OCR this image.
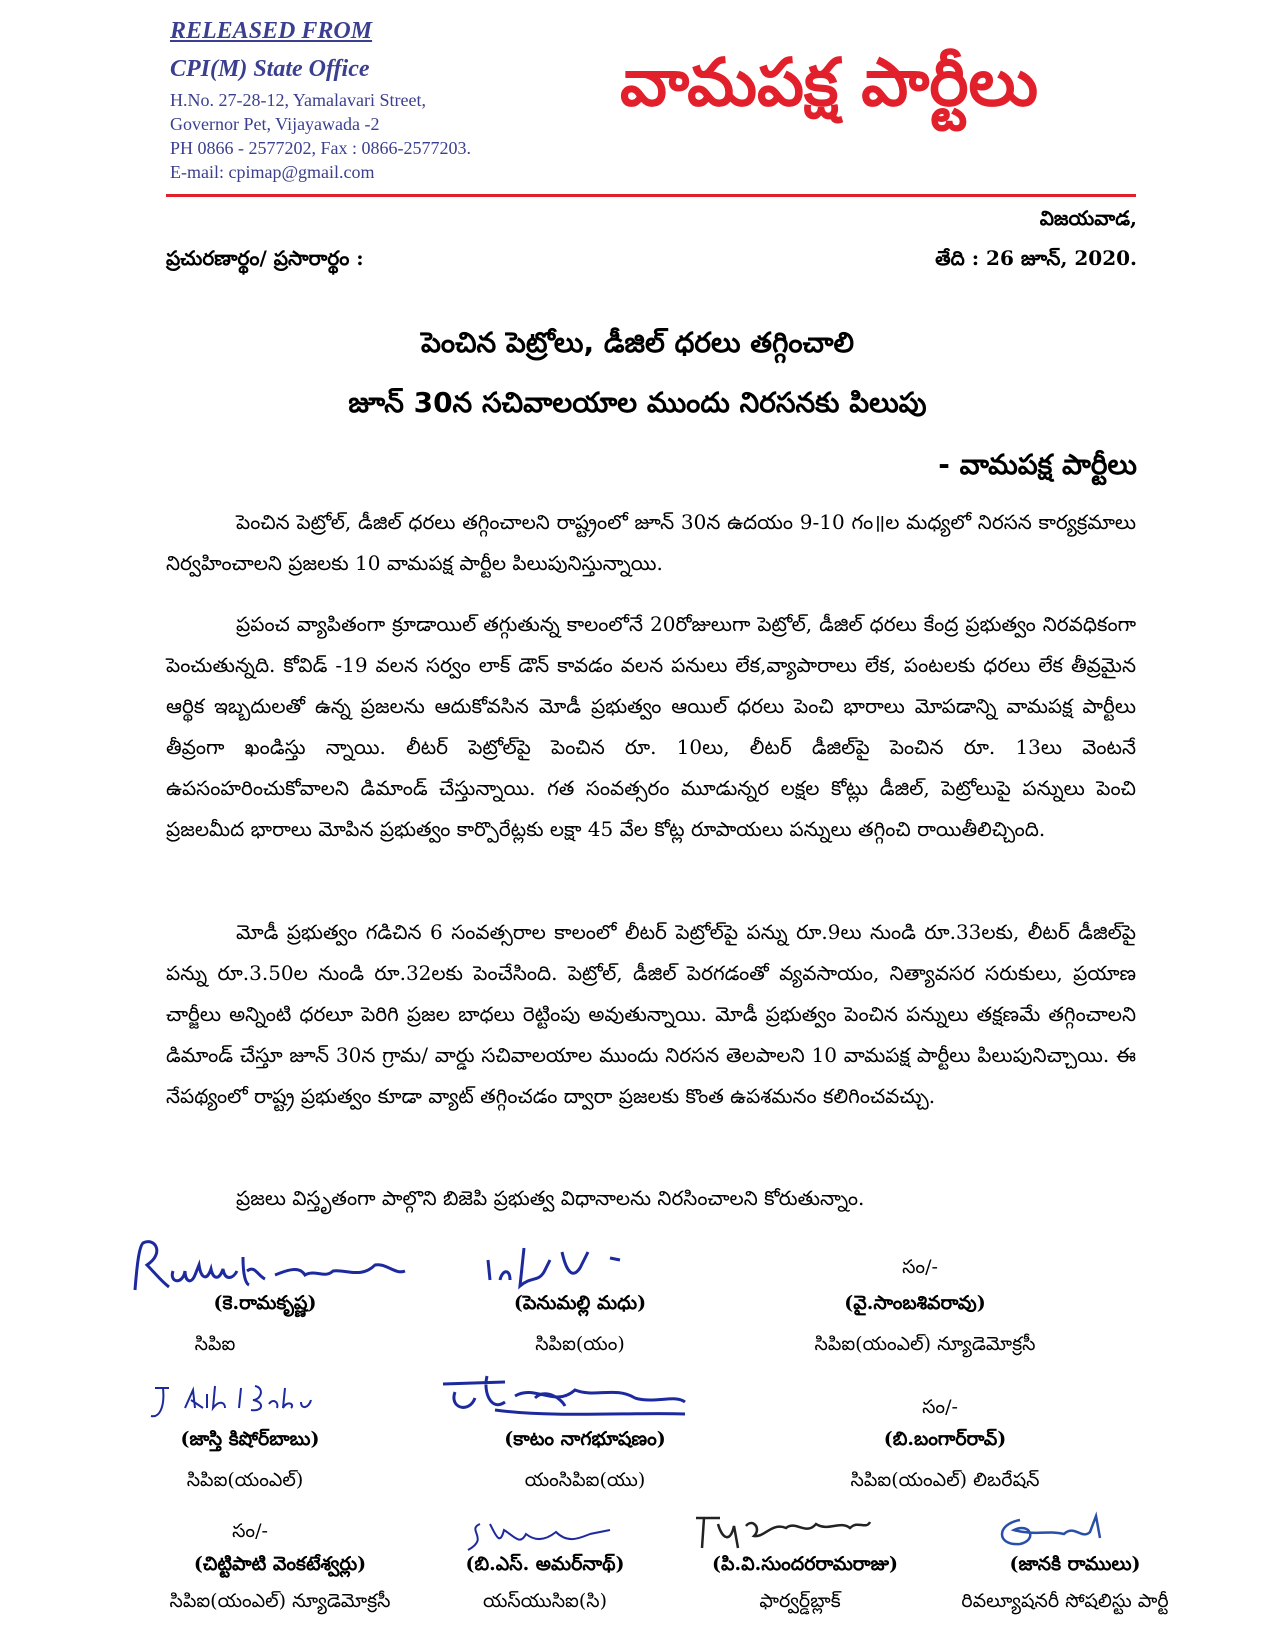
RELEASED FROM
CPI(M) State Office
H.No. 27-28-12, Yamalavari Street,
Governor Pet, Vijayawada -2
PH 0866 - 2577202, Fax : 0866-2577203.
E-mail: cpimap@gmail.com
వామపక్ష పార్టీలు
విజయవాడ,
ప్రచురణార్థం/ ప్రసారార్థం :	తేది : 26 జూన్‌, 2020.
పెంచిన పెట్రోలు, డీజిల్‌ ధరలు తగ్గించాలి
జూన్‌ 30న సచివాలయాల ముందు నిరసనకు పిలుపు
- వామపక్ష పార్టీలు
పెంచిన పెట్రోల్‌, డీజిల్‌ ధరలు తగ్గించాలని రాష్ట్రంలో జూన్‌ 30న ఉదయం 9-10 గం॥ల మధ్యలో నిరసన కార్యక్రమాలు నిర్వహించాలని ప్రజలకు 10 వామపక్ష పార్టీల పిలుపునిస్తున్నాయి.
ప్రపంచ వ్యాపితంగా క్రూడాయిల్‌ తగ్గుతున్న కాలంలోనే 20రోజులుగా పెట్రోల్‌, డీజిల్‌ ధరలు కేంద్ర ప్రభుత్వం నిరవధికంగా పెంచుతున్నది. కోవిడ్‌ -19 వలన సర్వం లాక్‌ డౌన్‌ కావడం వలన పనులు లేక,వ్యాపారాలు లేక, పంటలకు ధరలు లేక తీవ్రమైన ఆర్థిక ఇబ్బదులతో ఉన్న ప్రజలను ఆదుకోవసిన మోడీ ప్రభుత్వం ఆయిల్‌ ధరలు పెంచి భారాలు మోపడాన్ని వామపక్ష పార్టీలు తీవ్రంగా ఖండిస్తు న్నాయి. లీటర్‌ పెట్రోల్‌పై పెంచిన రూ. 10లు, లీటర్‌ డీజిల్‌పై పెంచిన రూ. 13లు వెంటనే ఉపసంహరించుకోవాలని డిమాండ్‌ చేస్తున్నాయి. గత సంవత్సరం మూడున్నర లక్షల కోట్లు డీజిల్‌, పెట్రోలుపై పన్నులు పెంచి ప్రజలమీద భారాలు మోపిన ప్రభుత్వం కార్పొరేట్లకు లక్షా 45 వేల కోట్ల రూపాయలు పన్నులు తగ్గించి రాయితీలిచ్చింది.
మోడీ ప్రభుత్వం గడిచిన 6 సంవత్సరాల కాలంలో లీటర్‌ పెట్రోల్‌పై పన్ను రూ.9లు నుండి రూ.33లకు, లీటర్‌ డీజిల్‌పై పన్ను రూ.3.50ల నుండి రూ.32లకు పెంచేసింది. పెట్రోల్‌, డీజిల్‌ పెరగడంతో వ్యవసాయం, నిత్యావసర సరుకులు, ప్రయాణ చార్జీలు అన్నింటి ధరలూ పెరిగి ప్రజల బాధలు రెట్టింపు అవుతున్నాయి. మోడీ ప్రభుత్వం పెంచిన పన్నులు తక్షణమే తగ్గించాలని డిమాండ్‌ చేస్తూ జూన్‌ 30న గ్రామ/ వార్డు సచివాలయాల ముందు నిరసన తెలపాలని 10 వామపక్ష పార్టీలు పిలుపునిచ్చాయి. ఈ నేపథ్యంలో రాష్ట్ర ప్రభుత్వం కూడా వ్యాట్‌ తగ్గించడం ద్వారా ప్రజలకు కొంత ఉపశమనం కలిగించవచ్చు.
ప్రజలు విస్తృతంగా పాల్గొని బిజెపి ప్రభుత్వ విధానాలను నిరసించాలని కోరుతున్నాం.
(కె.రామకృష్ణ)
సిపిఐ
(పెనుమల్లి మధు)
సిపిఐ(యం)
సం/-
(వై.సాంబశివరావు)
సిపిఐ(యంఎల్‌) న్యూడెమోక్రసీ
(జాస్తి కిషోర్‌బాబు)
సిపిఐ(యంఎల్‌)
(కాటం నాగభూషణం)
యంసిపిఐ(యు)
సం/-
(బి.బంగార్‌రావ్‌)
సిపిఐ(యంఎల్‌) లిబరేషన్‌
సం/-
(చిట్టిపాటి వెంకటేశ్వర్లు)
సిపిఐ(యంఎల్‌) న్యూడెమోక్రసీ
(బి.ఎస్‌. అమర్‌నాథ్‌)
యస్‌యుసిఐ(సి)
(పి.వి.సుందరరామరాజు)
ఫార్వర్డ్‌బ్లాక్‌
(జానకి రాములు)
రివల్యూషనరీ సోషలిస్టు పార్టీ
